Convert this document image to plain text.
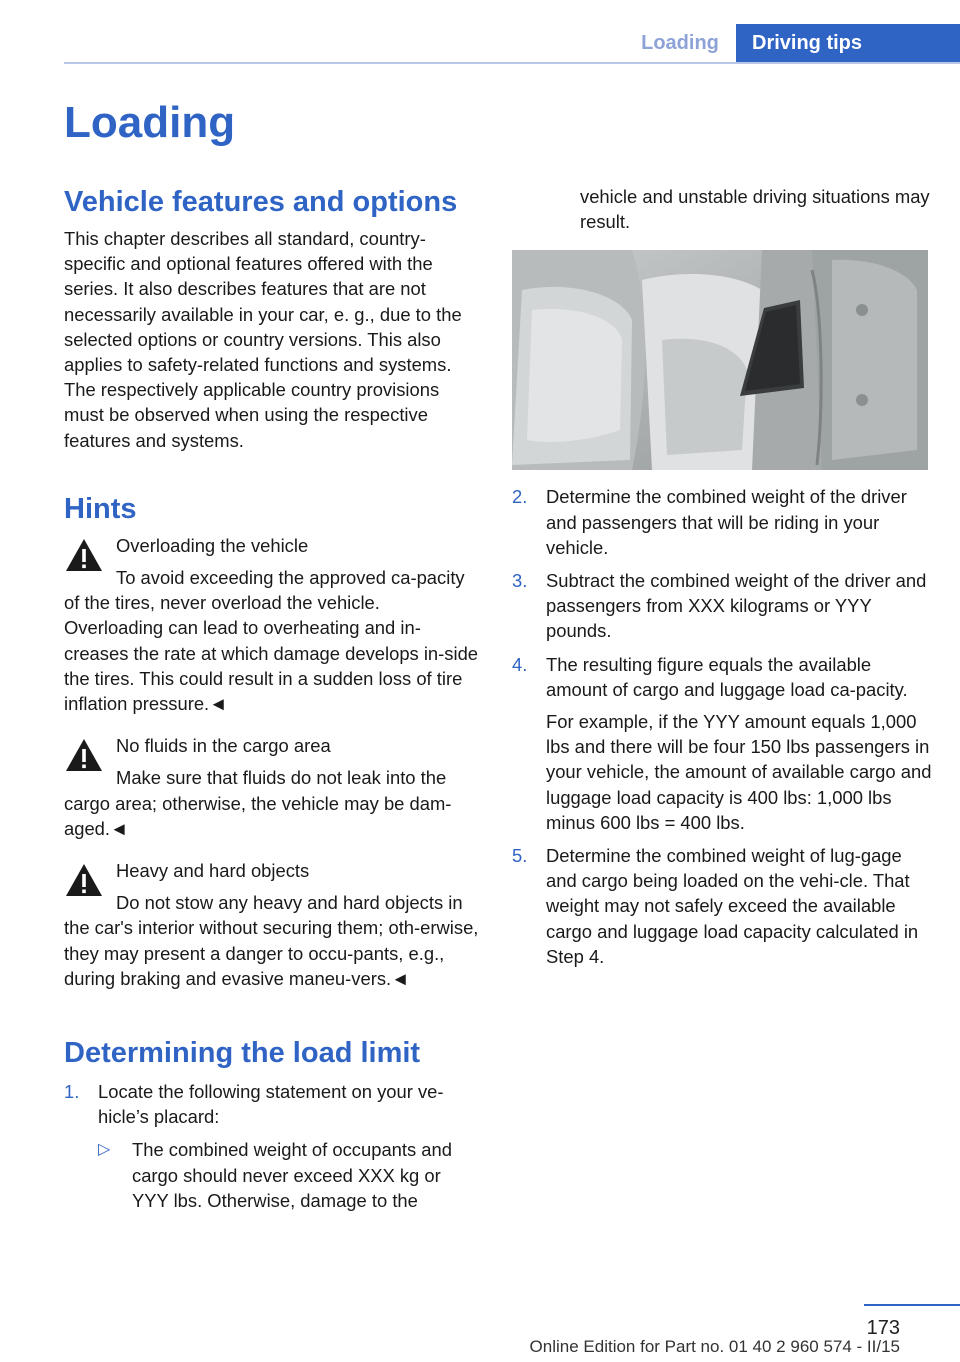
Loading	Driving tips
Loading
Vehicle features and options

This chapter describes all standard, country-specific and optional features offered with the series. It also describes features that are not necessarily available in your car, e. g., due to the selected options or country versions. This also applies to safety-related functions and systems. The respectively applicable country provisions must be observed when using the respective features and systems.

Hints
Overloading the vehicle
To avoid exceeding the approved ca-pacity of the tires, never overload the vehicle. Overloading can lead to overheating and in-creases the rate at which damage develops in-side the tires. This could result in a sudden loss of tire inflation pressure.◄
No fluids in the cargo area
Make sure that fluids do not leak into the cargo area; otherwise, the vehicle may be dam-aged.◄
Heavy and hard objects
Do not stow any heavy and hard objects in the car's interior without securing them; oth-erwise, they may present a danger to occu-pants, e.g., during braking and evasive maneu-vers.◄
Determining the load limit
1. Locate the following statement on your ve-hicle’s placard:
▷ The combined weight of occupants and cargo should never exceed XXX kg or YYY lbs. Otherwise, damage to the
vehicle and unstable driving situations may result.
2. Determine the combined weight of the driver and passengers that will be riding in your vehicle.
3. Subtract the combined weight of the driver and passengers from XXX kilograms or YYY pounds.
4. The resulting figure equals the available amount of cargo and luggage load ca-pacity.
For example, if the YYY amount equals 1,000 lbs and there will be four 150 lbs passengers in your vehicle, the amount of available cargo and luggage load capacity is 400 lbs: 1,000 lbs minus 600 lbs = 400 lbs.
5. Determine the combined weight of lug-gage and cargo being loaded on the vehi-cle. That weight may not safely exceed the available cargo and luggage load capacity calculated in Step 4.
173
Online Edition for Part no. 01 40 2 960 574 - II/15
